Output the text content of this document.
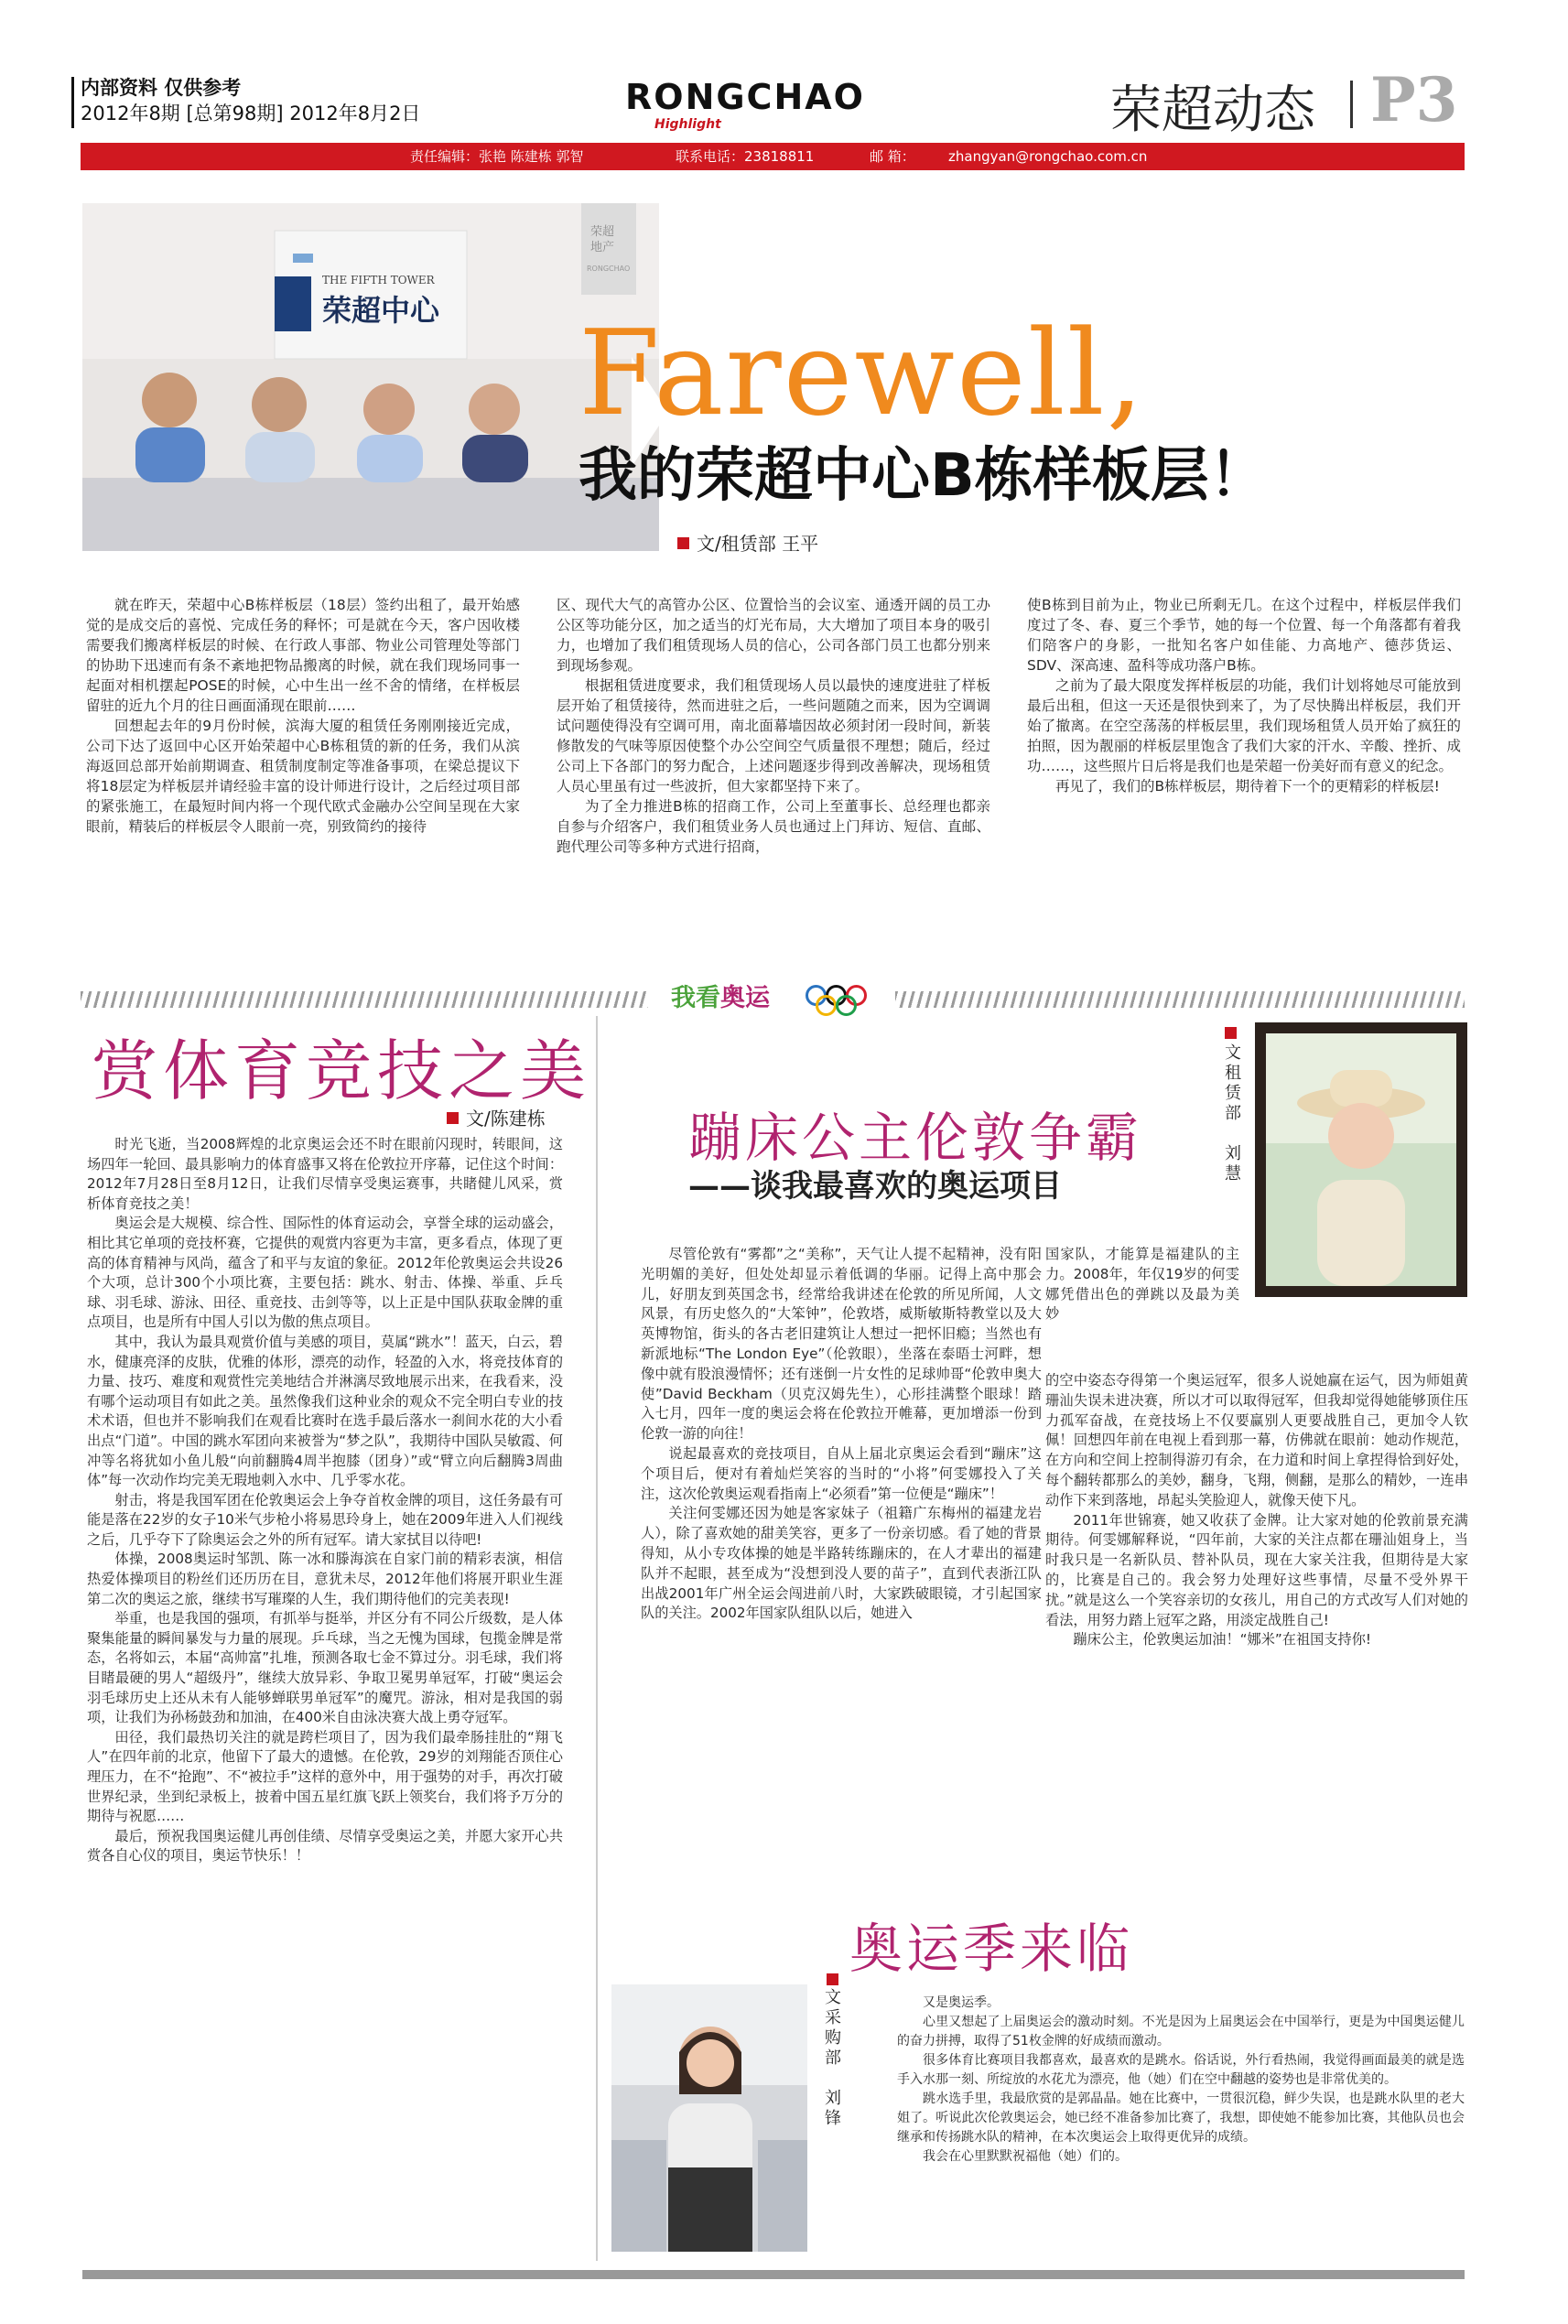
内部资料 仅供参考
2012年8期 [总第98期] 2012年8月2日	RONGCHAO
Highlight	荣超动态 P3
责任编辑：张艳 陈建栋 郭智	联系电话：23818811	邮 箱： zhangyan@rongchao.com.cn
THE FIFTH TOWER
荣超中心
荣超
地产
RONGCHAO
Farewell,
我的荣超中心B栋样板层！
文/租赁部 王平

就在昨天，荣超中心B栋样板层（18层）签约出租了，最开始感觉的是成交后的喜悦、完成任务的释怀；可是就在今天，客户因收楼需要我们搬离样板层的时候、在行政人事部、物业公司管理处等部门的协助下迅速而有条不紊地把物品搬离的时候，就在我们现场同事一起面对相机摆起POSE的时候，心中生出一丝不舍的情绪，在样板层留驻的近九个月的往日画面涌现在眼前……

回想起去年的9月份时候，滨海大厦的租赁任务刚刚接近完成，公司下达了返回中心区开始荣超中心B栋租赁的新的任务，我们从滨海返回总部开始前期调查、租赁制度制定等准备事项，在梁总提议下将18层定为样板层并请经验丰富的设计师进行设计，之后经过项目部的紧张施工，在最短时间内将一个现代欧式金融办公空间呈现在大家眼前，精装后的样板层令人眼前一亮，别致简约的接待

区、现代大气的高管办公区、位置恰当的会议室、通透开阔的员工办公区等功能分区，加之适当的灯光布局，大大增加了项目本身的吸引力，也增加了我们租赁现场人员的信心，公司各部门员工也都分别来到现场参观。

根据租赁进度要求，我们租赁现场人员以最快的速度进驻了样板层开始了租赁接待，然而进驻之后，一些问题随之而来，因为空调调试问题使得没有空调可用，南北面幕墙因故必须封闭一段时间，新装修散发的气味等原因使整个办公空间空气质量很不理想；随后，经过公司上下各部门的努力配合，上述问题逐步得到改善解决，现场租赁人员心里虽有过一些波折，但大家都坚持下来了。

为了全力推进B栋的招商工作，公司上至董事长、总经理也都亲自参与介绍客户，我们租赁业务人员也通过上门拜访、短信、直邮、跑代理公司等多种方式进行招商，

使B栋到目前为止，物业已所剩无几。在这个过程中，样板层伴我们度过了冬、春、夏三个季节，她的每一个位置、每一个角落都有着我们陪客户的身影，一批知名客户如佳能、力高地产、德莎货运、SDV、深高速、盈科等成功落户B栋。

之前为了最大限度发挥样板层的功能，我们计划将她尽可能放到最后出租，但这一天还是很快到来了，为了尽快腾出样板层，我们开始了撤离。在空空荡荡的样板层里，我们现场租赁人员开始了疯狂的拍照，因为靓丽的样板层里饱含了我们大家的汗水、辛酸、挫折、成功……，这些照片日后将是我们也是荣超一份美好而有意义的纪念。

再见了，我们的B栋样板层，期待着下一个的更精彩的样板层!

我看奥运
赏体育竞技之美
文/陈建栋

时光飞逝，当2008辉煌的北京奥运会还不时在眼前闪现时，转眼间，这场四年一轮回、最具影响力的体育盛事又将在伦敦拉开序幕，记住这个时间：2012年7月28日至8月12日，让我们尽情享受奥运赛事，共睹健儿风采，赏析体育竞技之美！

奥运会是大规模、综合性、国际性的体育运动会，享誉全球的运动盛会，相比其它单项的竞技杯赛，它提供的观赏内容更为丰富，更多看点，体现了更高的体育精神与风尚，蕴含了和平与友谊的象征。2012年伦敦奥运会共设26个大项，总计300个小项比赛，主要包括：跳水、射击、体操、举重、乒乓球、羽毛球、游泳、田径、重竞技、击剑等等，以上正是中国队获取金牌的重点项目，也是所有中国人引以为傲的焦点项目。

其中，我认为最具观赏价值与美感的项目，莫属“跳水”！蓝天，白云，碧水，健康亮泽的皮肤，优雅的体形，漂亮的动作，轻盈的入水，将竞技体育的力量、技巧、难度和观赏性完美地结合并淋漓尽致地展示出来，在我看来，没有哪个运动项目有如此之美。虽然像我们这种业余的观众不完全明白专业的技术术语，但也并不影响我们在观看比赛时在选手最后落水一刹间水花的大小看出点“门道”。中国的跳水军团向来被誉为“梦之队”，我期待中国队吴敏霞、何冲等名将犹如小鱼儿般“向前翻腾4周半抱膝（团身）”或“臂立向后翻腾3周曲体”每一次动作均完美无瑕地刺入水中、几乎零水花。

射击，将是我国军团在伦敦奥运会上争夺首枚金牌的项目，这任务最有可能是落在22岁的女子10米气步枪小将易思玲身上，她在2009年进入人们视线之后，几乎夺下了除奥运会之外的所有冠军。请大家拭目以待吧!

体操，2008奥运时邹凯、陈一冰和滕海滨在自家门前的精彩表演，相信热爱体操项目的粉丝们还历历在目，意犹未尽，2012年他们将展开职业生涯第二次的奥运之旅，继续书写璀璨的人生，我们期待他们的完美表现!

举重，也是我国的强项，有抓举与挺举，并区分有不同公斤级数，是人体聚集能量的瞬间暴发与力量的展现。乒乓球，当之无愧为国球，包揽金牌是常态，名将如云，本届“高帅富”扎堆，预测各取七金不算过分。羽毛球，我们将目睹最硬的男人“超级丹”，继续大放异彩、争取卫冕男单冠军，打破“奥运会羽毛球历史上还从未有人能够蝉联男单冠军”的魔咒。游泳，相对是我国的弱项，让我们为孙杨鼓劲和加油，在400米自由泳决赛大战上勇夺冠军。

田径，我们最热切关注的就是跨栏项目了，因为我们最牵肠挂肚的“翔飞人”在四年前的北京，他留下了最大的遗憾。在伦敦，29岁的刘翔能否顶住心理压力，在不“抢跑”、不“被拉手”这样的意外中，用于强势的对手，再次打破世界纪录，坐到纪录板上，披着中国五星红旗飞跃上领奖台，我们将予万分的期待与祝愿……

最后，预祝我国奥运健儿再创佳绩、尽情享受奥运之美，并愿大家开心共赏各自心仪的项目，奥运节快乐！！

蹦床公主伦敦争霸
——谈我最喜欢的奥运项目
文
租
赁
部

刘
慧

尽管伦敦有“雾都”之“美称”，天气让人提不起精神，没有阳光明媚的美好，但处处却显示着低调的华丽。记得上高中那会儿，好朋友到英国念书，经常给我讲述在伦敦的所见所闻，人文风景，有历史悠久的“大笨钟”，伦敦塔，威斯敏斯特教堂以及大英博物馆，街头的各古老旧建筑让人想过一把怀旧瘾；当然也有新派地标“The London Eye”（伦敦眼），坐落在泰晤士河畔，想像中就有股浪漫情怀；还有迷倒一片女性的足球帅哥“伦敦申奥大使”David Beckham（贝克汉姆先生），心形挂满整个眼球！踏入七月，四年一度的奥运会将在伦敦拉开帷幕，更加增添一份到伦敦一游的向往！

说起最喜欢的竞技项目，自从上届北京奥运会看到“蹦床”这个项目后，便对有着灿烂笑容的当时的“小将”何雯娜投入了关注，这次伦敦奥运观看指南上“必须看”第一位便是“蹦床”！

关注何雯娜还因为她是客家妹子（祖籍广东梅州的福建龙岩人），除了喜欢她的甜美笑容，更多了一份亲切感。看了她的背景得知，从小专攻体操的她是半路转练蹦床的，在人才辈出的福建队并不起眼，甚至成为“没想到没人要的苗子”，直到代表浙江队出战2001年广州全运会闯进前八时，大家跌破眼镜，才引起国家队的关注。2002年国家队组队以后，她进入

国家队，才能算是福建队的主力。2008年，年仅19岁的何雯娜凭借出色的弹跳以及最为美妙

的空中姿态夺得第一个奥运冠军，很多人说她赢在运气，因为师姐黄珊汕失误未进决赛，所以才可以取得冠军，但我却觉得她能够顶住压力孤军奋战，在竞技场上不仅要赢别人更要战胜自己，更加令人钦佩！回想四年前在电视上看到那一幕，仿佛就在眼前：她动作规范，在方向和空间上控制得游刃有余，在力道和时间上拿捏得恰到好处，每个翻转都那么的美妙，翻身，飞翔，侧翻，是那么的精妙，一连串动作下来到落地，昂起头笑脸迎人，就像天使下凡。

2011年世锦赛，她又收获了金牌。让大家对她的伦敦前景充满期待。何雯娜解释说，“四年前，大家的关注点都在珊汕姐身上，当时我只是一名新队员、替补队员，现在大家关注我，但期待是大家的，比赛是自己的。我会努力处理好这些事情，尽量不受外界干扰。”就是这么一个笑容亲切的女孩儿，用自己的方式改写人们对她的看法，用努力踏上冠军之路，用淡定战胜自己!

蹦床公主，伦敦奥运加油！“娜米”在祖国支持你!

奥运季来临
文
采
购
部

刘
锋

又是奥运季。

心里又想起了上届奥运会的激动时刻。不光是因为上届奥运会在中国举行，更是为中国奥运健儿的奋力拼搏，取得了51枚金牌的好成绩而激动。

很多体育比赛项目我都喜欢，最喜欢的是跳水。俗话说，外行看热闹，我觉得画面最美的就是选手入水那一刻、所绽放的水花尤为漂亮，他（她）们在空中翻越的姿势也是非常优美的。

跳水选手里，我最欣赏的是郭晶晶。她在比赛中，一贯很沉稳，鲜少失误，也是跳水队里的老大姐了。听说此次伦敦奥运会，她已经不准备参加比赛了，我想，即使她不能参加比赛，其他队员也会继承和传扬跳水队的精神，在本次奥运会上取得更优异的成绩。

我会在心里默默祝福他（她）们的。
